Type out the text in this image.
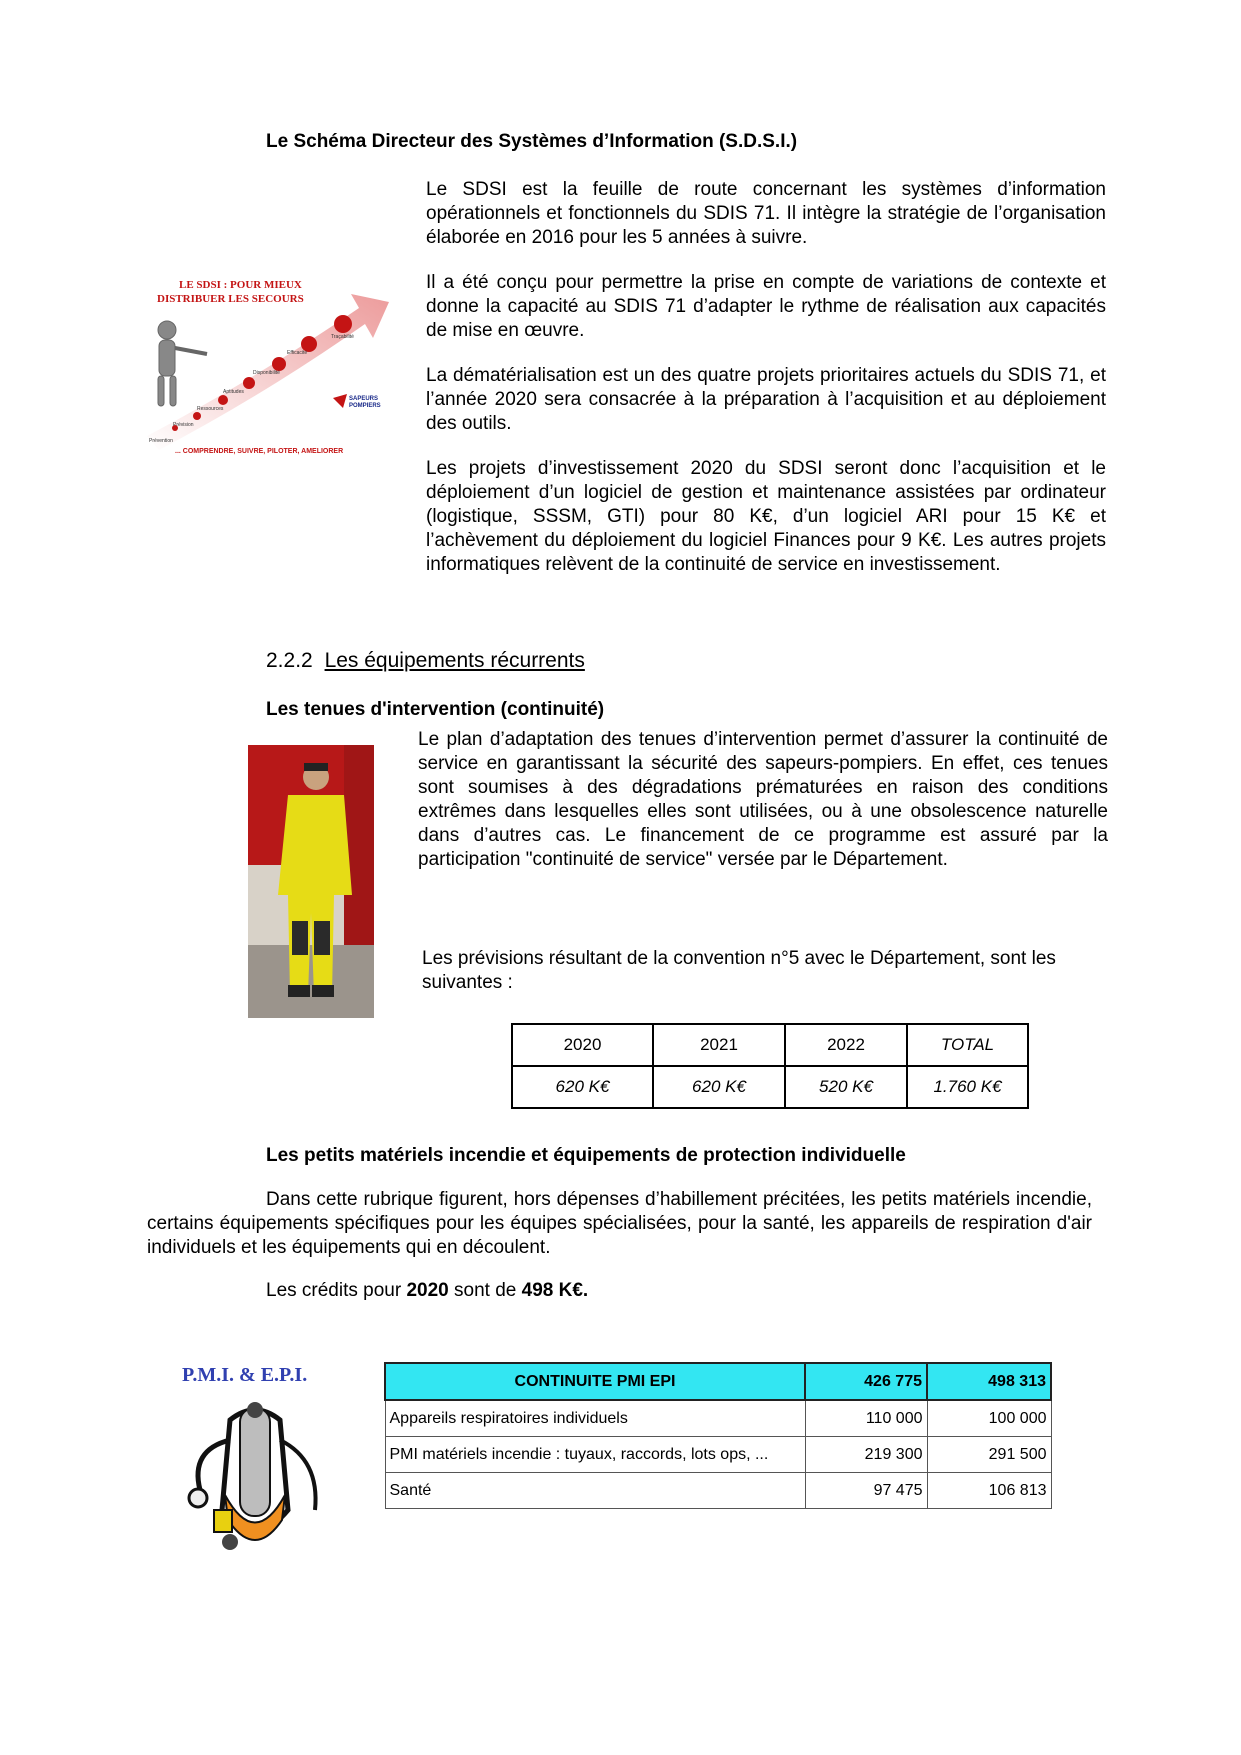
Le Schéma Directeur des Systèmes d’Information (S.D.S.I.)

Le SDSI est la feuille de route concernant les systèmes d’information opérationnels et fonctionnels du SDIS 71. Il intègre la stratégie de l’organisation élaborée en 2016 pour les 5 années à suivre.

Il a été conçu pour permettre la prise en compte de variations de contexte et donne la capacité au SDIS 71 d’adapter le rythme de réalisation aux capacités de mise en œuvre.

La dématérialisation est un des quatre projets prioritaires actuels du SDIS 71, et l’année 2020 sera consacrée à la préparation à l’acquisition et au déploiement des outils.

Les projets d’investissement 2020 du SDSI seront donc l’acquisition et le déploiement d’un logiciel de gestion et maintenance assistées par ordinateur (logistique, SSSM, GTI) pour 80 K€, d’un logiciel ARI pour 15 K€ et l’achèvement du déploiement du logiciel Finances pour 9 K€. Les autres projets informatiques relèvent de la continuité de service en investissement.

LE SDSI : POUR MIEUX
DISTRIBUER LES SECOURS
Prévention
Prévision
Ressources
Aptitudes
Disponibilité
Efficacité
Traçabilité
... COMPRENDRE, SUIVRE, PILOTER, AMELIORER
SAPEURS
POMPIERS
2.2.2 Les équipements récurrents
Les tenues d'intervention (continuité)

Le plan d’adaptation des tenues d’intervention permet d’assurer la continuité de service en garantissant la sécurité des sapeurs-pompiers. En effet, ces tenues sont soumises à des dégradations prématurées en raison des conditions extrêmes dans lesquelles elles sont utilisées, ou à une obsolescence naturelle dans d’autres cas. Le financement de ce programme est assuré par la participation "continuité de service" versée par le Département.

Les prévisions résultant de la convention n°5 avec le Département, sont les suivantes :

2020	2021	2022	TOTAL
620 K€	620 K€	520 K€	1.760 K€
Les petits matériels incendie et équipements de protection individuelle

Dans cette rubrique figurent, hors dépenses d’habillement précitées, les petits matériels incendie, certains équipements spécifiques pour les équipes spécialisées, pour la santé, les appareils de respiration d'air individuels et les équipements qui en découlent.

Les crédits pour 2020 sont de 498 K€.
P.M.I. & E.P.I.	CONTINUITE PMI EPI	426 775	498 313
Appareils respiratoires individuels	110 000	100 000
PMI matériels incendie : tuyaux, raccords, lots ops, ...	219 300	291 500
Santé	97 475	106 813
